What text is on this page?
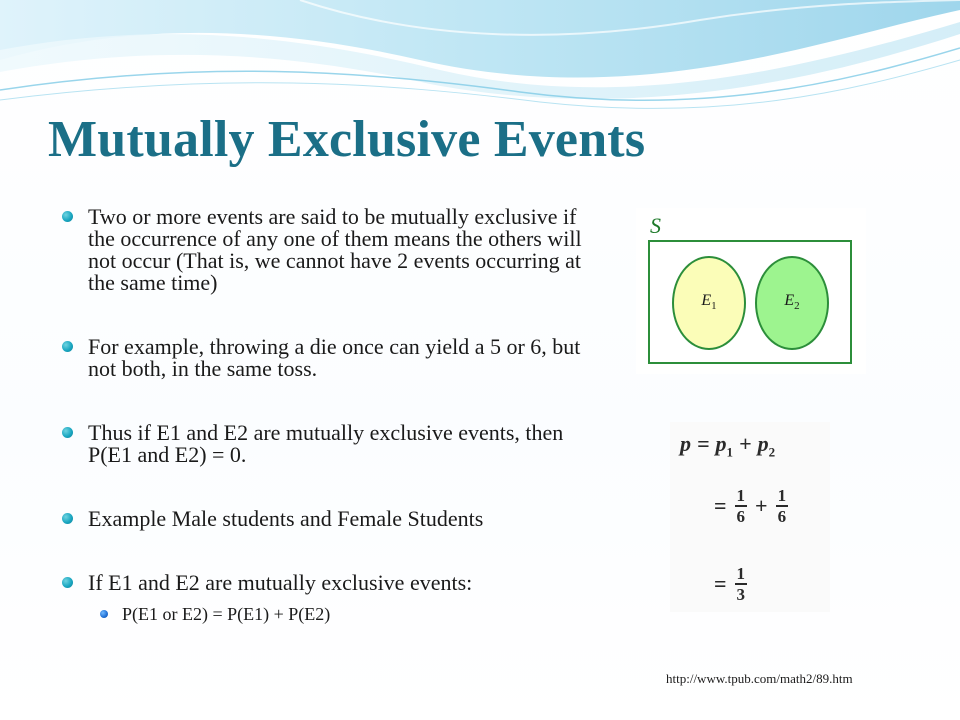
Mutually Exclusive Events
Two or more events are said to be mutually exclusive if the occurrence of any one of them means the others will not occur (That is, we cannot have 2 events occurring at the same time)
For example, throwing a die once can yield a 5 or 6, but not both, in the same toss.
Thus if E1 and E2 are mutually exclusive events, then P(E1 and E2) = 0.
Example Male students and Female Students
If E1 and E2 are mutually exclusive events:
P(E1 or E2) = P(E1) + P(E2)
S
$E_1$	$E_2$
$p = p_1 + p_2$
= $\frac{1}{6} + \frac{1}{6}$
= $\frac{1}{3}$
http://www.tpub.com/math2/89.htm
